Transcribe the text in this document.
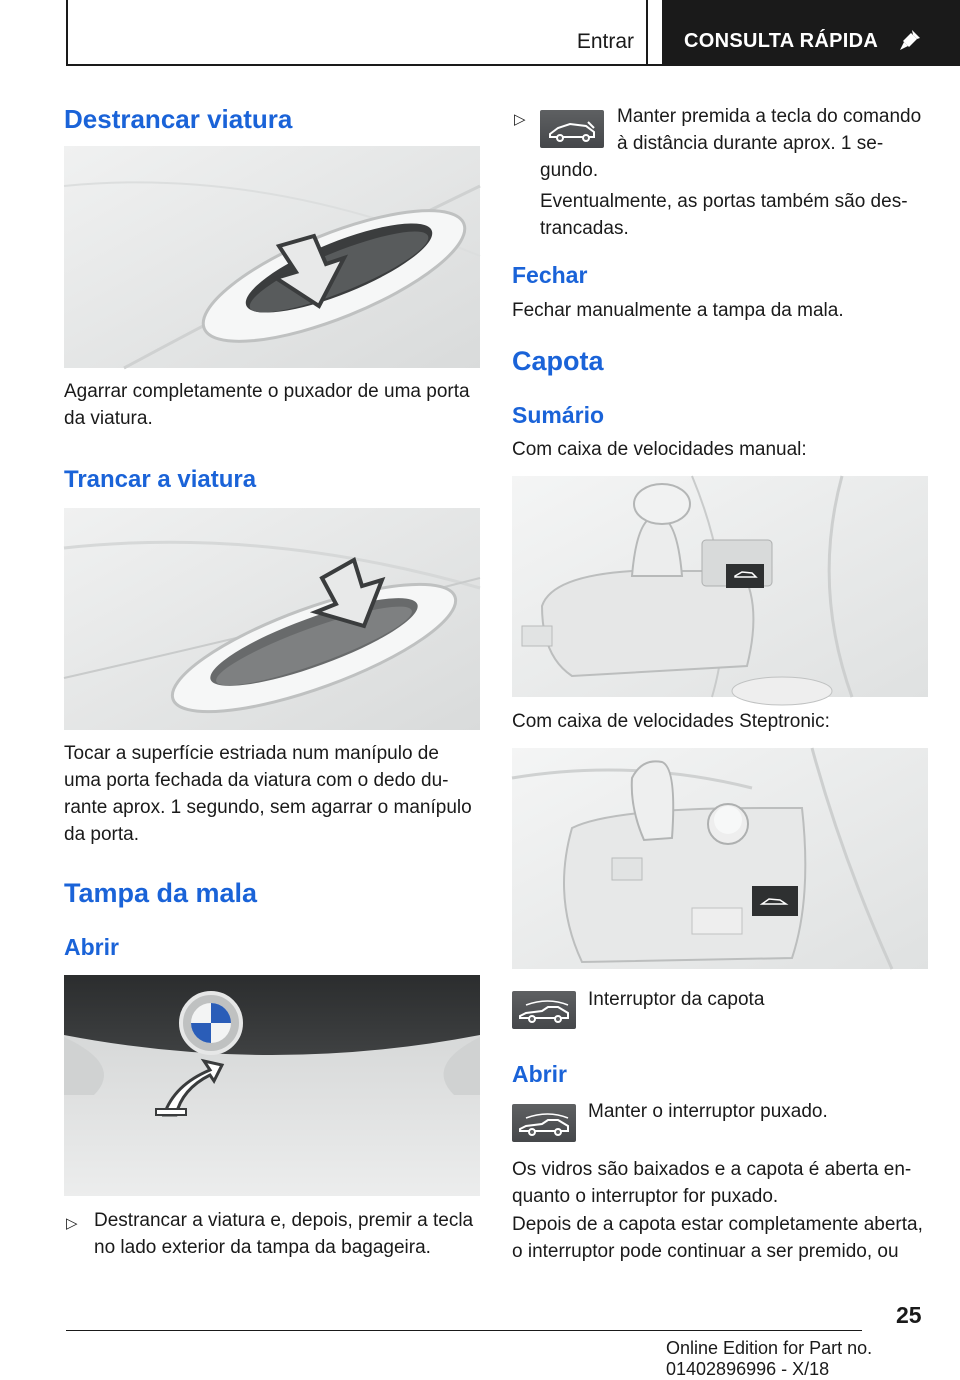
Entrar	CONSULTA RÁPIDA
Destrancar viatura
Agarrar completamente o puxador de uma porta da viatura.
Trancar a viatura
Tocar a superfície estriada num manípulo de uma porta fechada da viatura com o dedo du-rante aprox. 1 segundo, sem agarrar o manípulo da porta.
Tampa da mala
Abrir
▷ Destrancar a viatura e, depois, premir a tecla no lado exterior da tampa da bagageira.
▷	Manter premida a tecla do comando à distância durante aprox. 1 se-
gundo.
Eventualmente, as portas também são des-trancadas.
Fechar
Fechar manualmente a tampa da mala.
Capota
Sumário
Com caixa de velocidades manual:
Com caixa de velocidades Steptronic:
Interruptor da capota
Abrir
Manter o interruptor puxado.
Os vidros são baixados e a capota é aberta en-quanto o interruptor for puxado.
Depois de a capota estar completamente aberta, o interruptor pode continuar a ser premido, ou
25
Online Edition for Part no. 01402896996 - X/18
